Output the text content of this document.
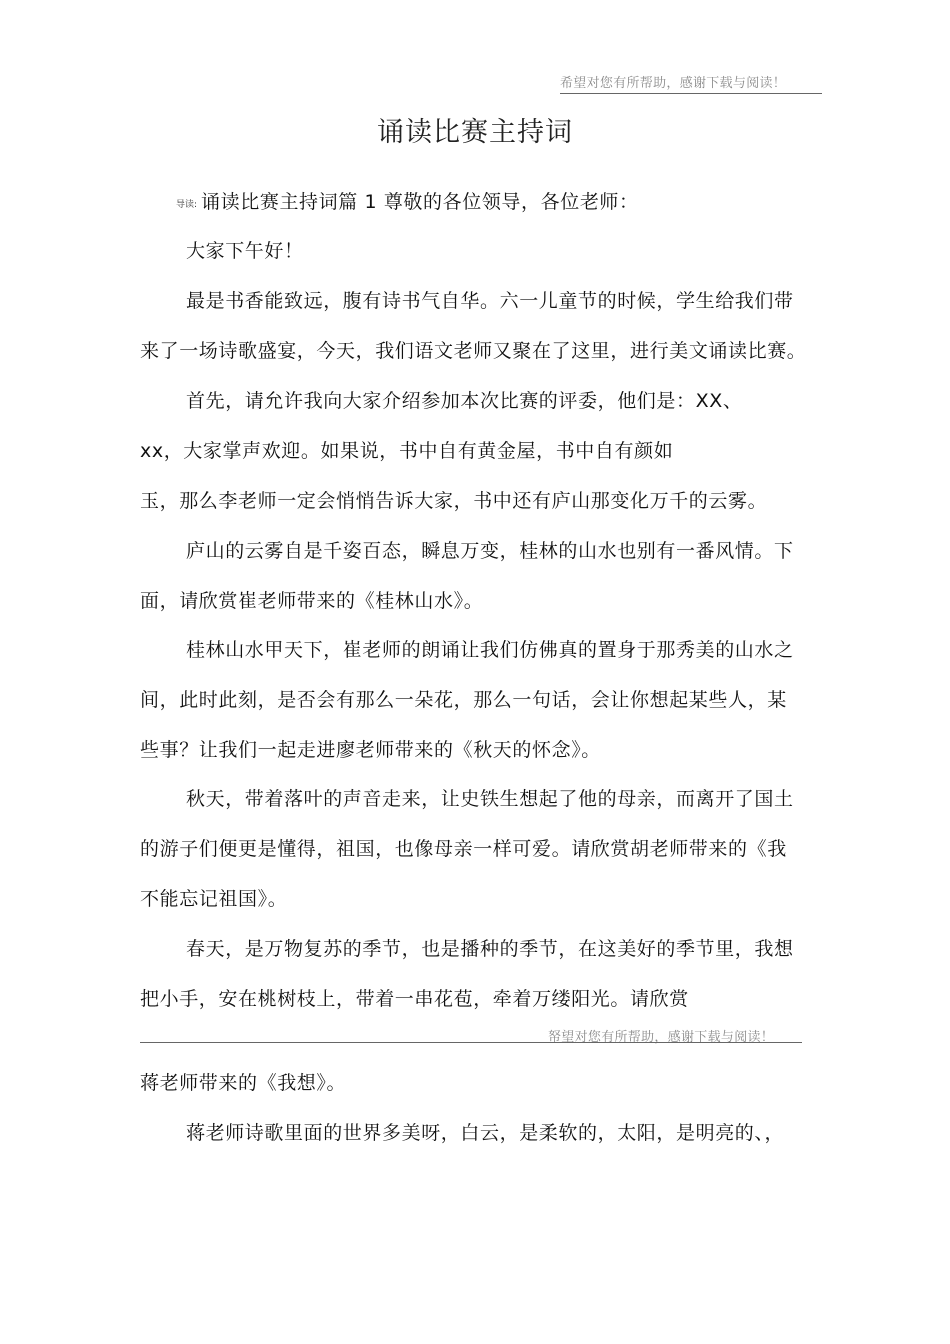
希望对您有所帮助，感谢下载与阅读！
诵读比赛主持词
导读: 诵读比赛主持词篇 1 尊敬的各位领导，各位老师：
大家下午好！
最是书香能致远，腹有诗书气自华。六一儿童节的时候，学生给我们带
来了一场诗歌盛宴，今天，我们语文老师又聚在了这里，进行美文诵读比赛。
首先，请允许我向大家介绍参加本次比赛的评委，他们是：XX、
xx，大家掌声欢迎。如果说，书中自有黄金屋，书中自有颜如
玉，那么李老师一定会悄悄告诉大家，书中还有庐山那变化万千的云雾。
庐山的云雾自是千姿百态，瞬息万变，桂林的山水也别有一番风情。下
面，请欣赏崔老师带来的《桂林山水》。
桂林山水甲天下，崔老师的朗诵让我们仿佛真的置身于那秀美的山水之
间，此时此刻，是否会有那么一朵花，那么一句话，会让你想起某些人，某
些事？让我们一起走进廖老师带来的《秋天的怀念》。
秋天，带着落叶的声音走来，让史铁生想起了他的母亲，而离开了国土
的游子们便更是懂得，祖国，也像母亲一样可爱。请欣赏胡老师带来的《我
不能忘记祖国》。
春天，是万物复苏的季节，也是播种的季节，在这美好的季节里，我想
把小手，安在桃树枝上，带着一串花苞，牵着万缕阳光。请欣赏
帑望对您有所帮助，感谢下载与阅读！
蒋老师带来的《我想》。
蒋老师诗歌里面的世界多美呀，白云，是柔软的，太阳，是明亮的、，
